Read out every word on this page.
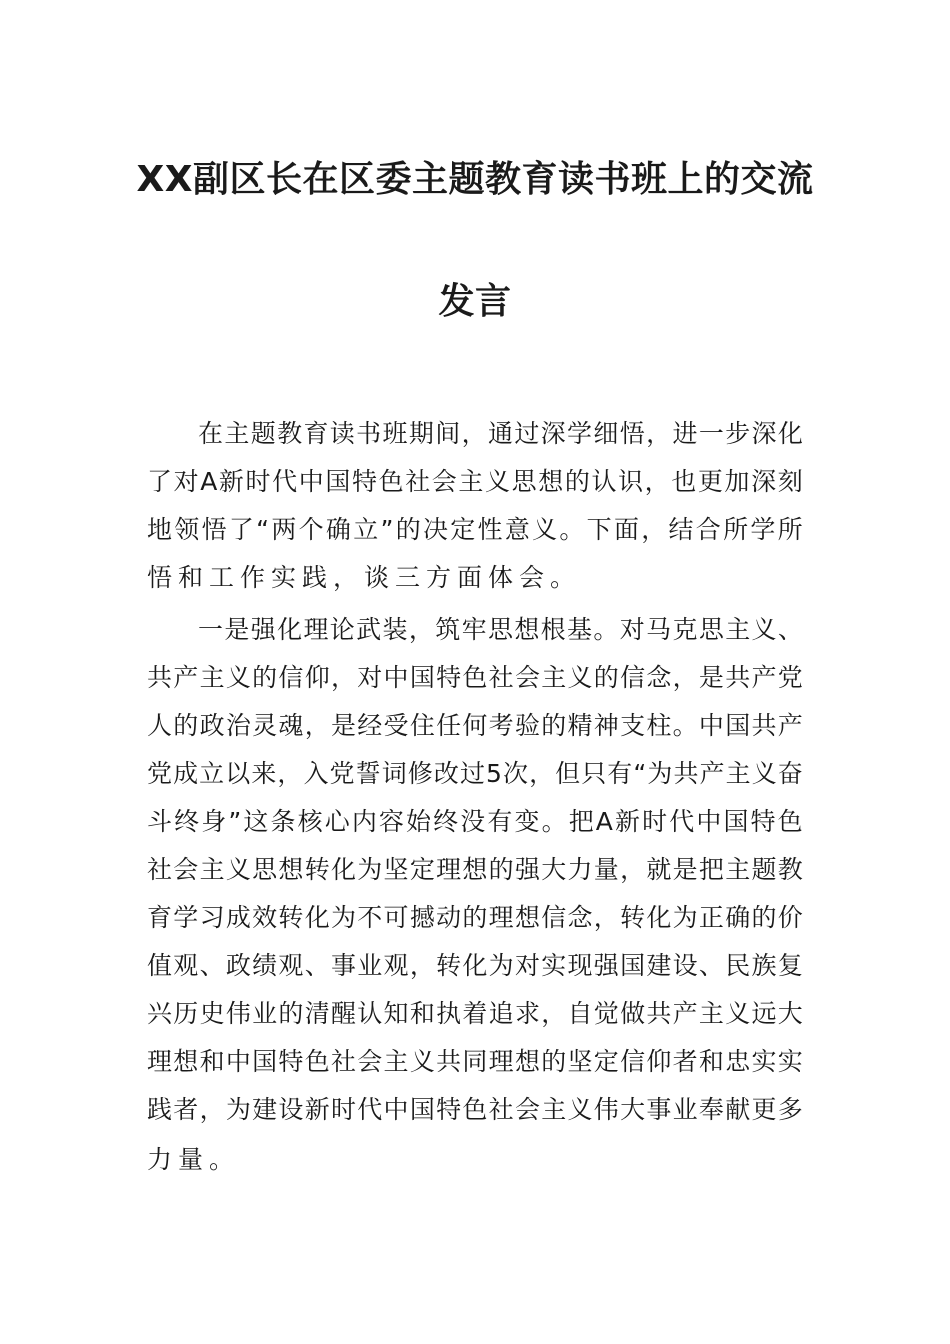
XX副区长在区委主题教育读书班上的交流
发言
在 主 题 教 育 读 书 班 期 间 ， 通 过 深 学 细 悟 ， 进 一 步 深 化
了 对 A 新 时 代 中 国 特 色 社 会 主 义 思 想 的 认 识 ， 也 更 加 深 刻
地 领 悟 了 “ 两 个 确 立 ” 的 决 定 性 意 义 。 下 面 ， 结 合 所 学 所
悟和工作实践，谈三方面体会。
一 是 强 化 理 论 武 装 ， 筑 牢 思 想 根 基 。 对 马 克 思 主 义 、
共 产 主 义 的 信 仰 ， 对 中 国 特 色 社 会 主 义 的 信 念 ， 是 共 产 党
人 的 政 治 灵 魂 ， 是 经 受 住 任 何 考 验 的 精 神 支 柱 。 中 国 共 产
党 成 立 以 来 ， 入 党 誓 词 修 改 过 5 次 ， 但 只 有 “ 为 共 产 主 义 奋
斗 终 身 ” 这 条 核 心 内 容 始 终 没 有 变 。 把 A 新 时 代 中 国 特 色
社 会 主 义 思 想 转 化 为 坚 定 理 想 的 强 大 力 量 ， 就 是 把 主 题 教
育 学 习 成 效 转 化 为 不 可 撼 动 的 理 想 信 念 ， 转 化 为 正 确 的 价
值 观 、 政 绩 观 、 事 业 观 ， 转 化 为 对 实 现 强 国 建 设 、 民 族 复
兴 历 史 伟 业 的 清 醒 认 知 和 执 着 追 求 ， 自 觉 做 共 产 主 义 远 大
理 想 和 中 国 特 色 社 会 主 义 共 同 理 想 的 坚 定 信 仰 者 和 忠 实 实
践 者 ， 为 建 设 新 时 代 中 国 特 色 社 会 主 义 伟 大 事 业 奉 献 更 多
力量。
